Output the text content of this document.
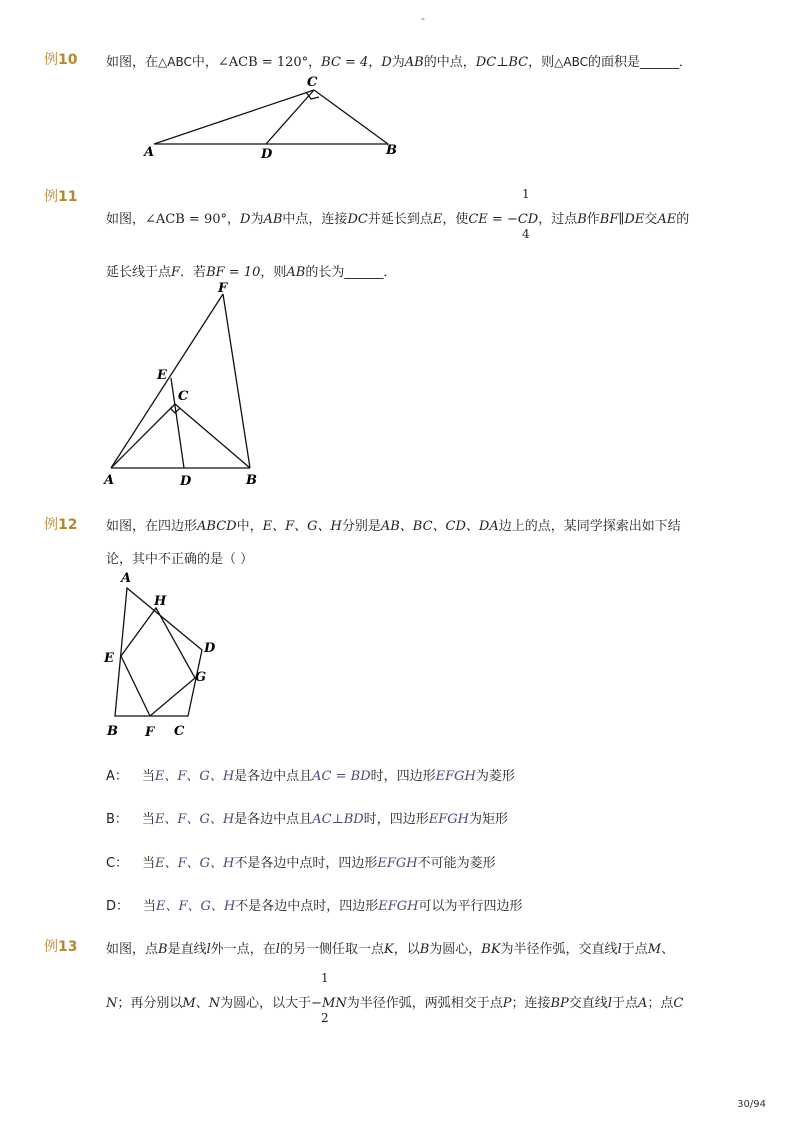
-
例10 如图，在△ABC中，∠ACB = 120°，BC = 4，D为AB的中点，DC⊥BC，则△ABC的面积是______．
A	B
C
D
例11	1
4
如图，∠ACB = 90°，D为AB中点，连接DC并延长到点E，使CE = −CD，过点B作BF∥DE交AE的
延长线于点F．若BF = 10，则AB的长为______．
A	B
C
D
E
F
例12 如图，在四边形ABCD中，E、F、G、H分别是AB、BC、CD、DA边上的点，某同学探索出如下结
论，其中不正确的是（ ）
A
H
D
E
G
B F C
A： 当E、F、G、H是各边中点且AC = BD时，四边形EFGH为菱形
B： 当E、F、G、H是各边中点且AC⊥BD时，四边形EFGH为矩形
C： 当E、F、G、H不是各边中点时，四边形EFGH不可能为菱形
D： 当E、F、G、H不是各边中点时，四边形EFGH可以为平行四边形
例13 如图，点B是直线l外一点，在l的另一侧任取一点K，以B为圆心，BK为半径作弧，交直线l于点M、
1
2
N；再分别以M、N为圆心，以大于−MN为半径作弧，两弧相交于点P；连接BP交直线l于点A；点C
30/94
